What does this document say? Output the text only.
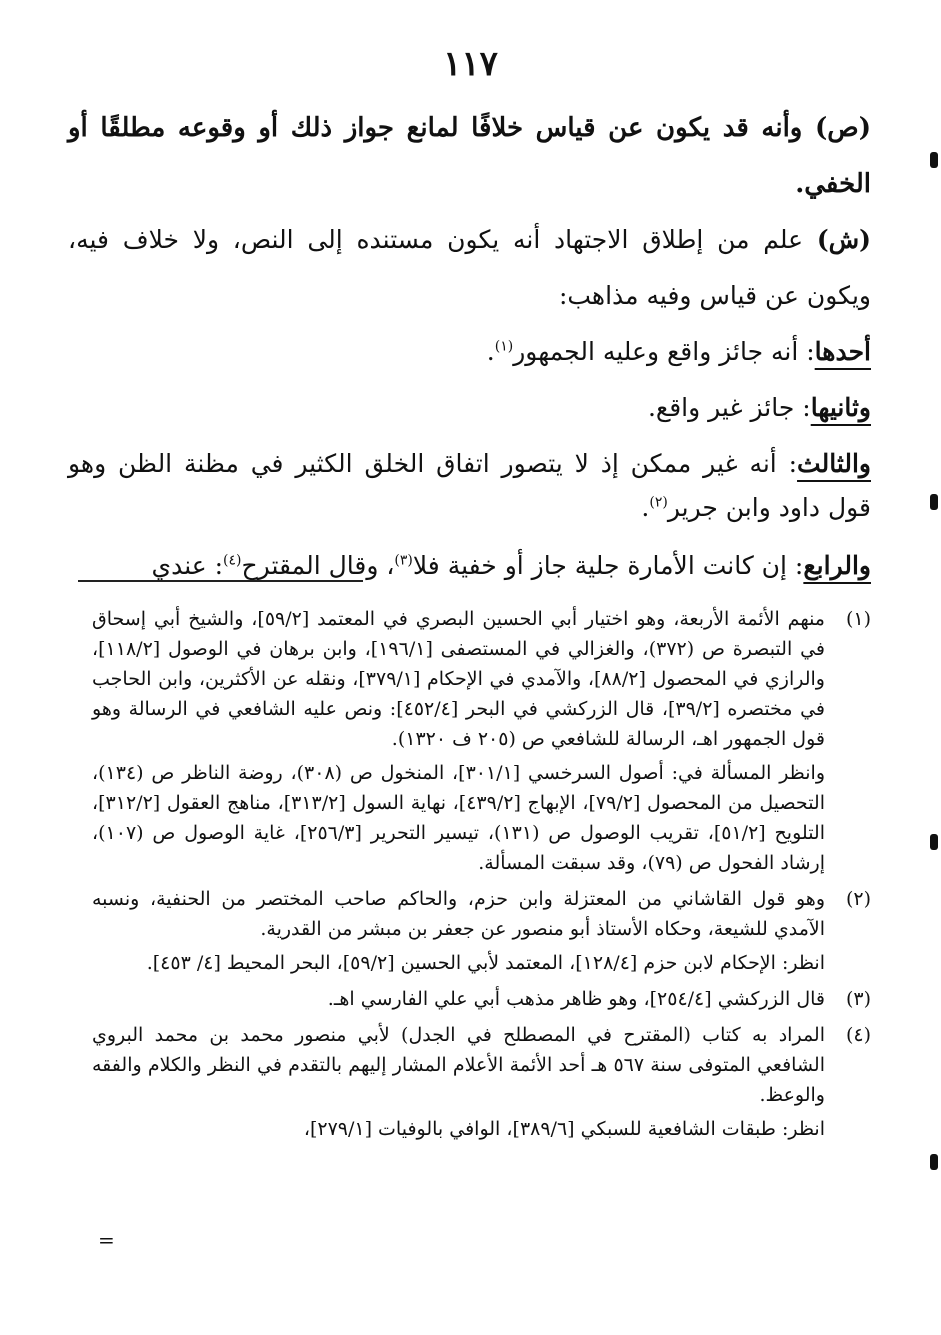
١١٧

(ص) وأنه قد يكون عن قياس خلافًا لمانع جواز ذلك أو وقوعه مطلقًا أو الخفي.

(ش) علم من إطلاق الاجتهاد أنه يكون مستنده إلى النص، ولا خلاف فيه، ويكون عن قياس وفيه مذاهب:

أحدها: أنه جائز واقع وعليه الجمهور$^{(١)}$.

وثانيها: جائز غير واقع.

والثالث: أنه غير ممكن إذ لا يتصور اتفاق الخلق الكثير في مظنة الظن وهو قول داود وابن جرير$^{(٢)}$.

والرابع: إن كانت الأمارة جلية جاز أو خفية فلا$^{(٣)}$، وقال المقترح$^{(٤)}$: عندي

(١)

منهم الأئمة الأربعة، وهو اختيار أبي الحسين البصري في المعتمد [٥٩/٢]، والشيخ أبي إسحاق في التبصرة ص (٣٧٢)، والغزالي في المستصفى [١٩٦/١]، وابن برهان في الوصول [١١٨/٢]، والرازي في المحصول [٨٨/٢]، والآمدي في الإحكام [٣٧٩/١]، ونقله عن الأكثرين، وابن الحاجب في مختصره [٣٩/٢]، قال الزركشي في البحر [٤٥٢/٤]: ونص عليه الشافعي في الرسالة وهو قول الجمهور اهـ، الرسالة للشافعي ص (٢٠٥ ف ١٣٢٠).

وانظر المسألة في: أصول السرخسي [٣٠١/١]، المنخول ص (٣٠٨)، روضة الناظر ص (١٣٤)، التحصيل من المحصول [٧٩/٢]، الإبهاج [٤٣٩/٢]، نهاية السول [٣١٣/٢]، مناهج العقول [٣١٢/٢]، التلويح [٥١/٢]، تقريب الوصول ص (١٣١)، تيسير التحرير [٢٥٦/٣]، غاية الوصول ص (١٠٧)، إرشاد الفحول ص (٧٩)، وقد سبقت المسألة.

(٢)

وهو قول القاشاني من المعتزلة وابن حزم، والحاكم صاحب المختصر من الحنفية، ونسبه الآمدي للشيعة، وحكاه الأستاذ أبو منصور عن جعفر بن مبشر من القدرية.

انظر: الإحكام لابن حزم [١٢٨/٤]، المعتمد لأبي الحسين [٥٩/٢]، البحر المحيط [٤/ ٤٥٣].

(٣)

قال الزركشي [٢٥٤/٤]، وهو ظاهر مذهب أبي علي الفارسي اهـ.

(٤)

المراد به كتاب (المقترح في المصطلح في الجدل) لأبي منصور محمد بن محمد البروي الشافعي المتوفى سنة ٥٦٧ هـ أحد الأئمة الأعلام المشار إليهم بالتقدم في النظر والكلام والفقه والوعظ.

انظر: طبقات الشافعية للسبكي [٣٨٩/٦]، الوافي بالوفيات [٢٧٩/١]،

=
